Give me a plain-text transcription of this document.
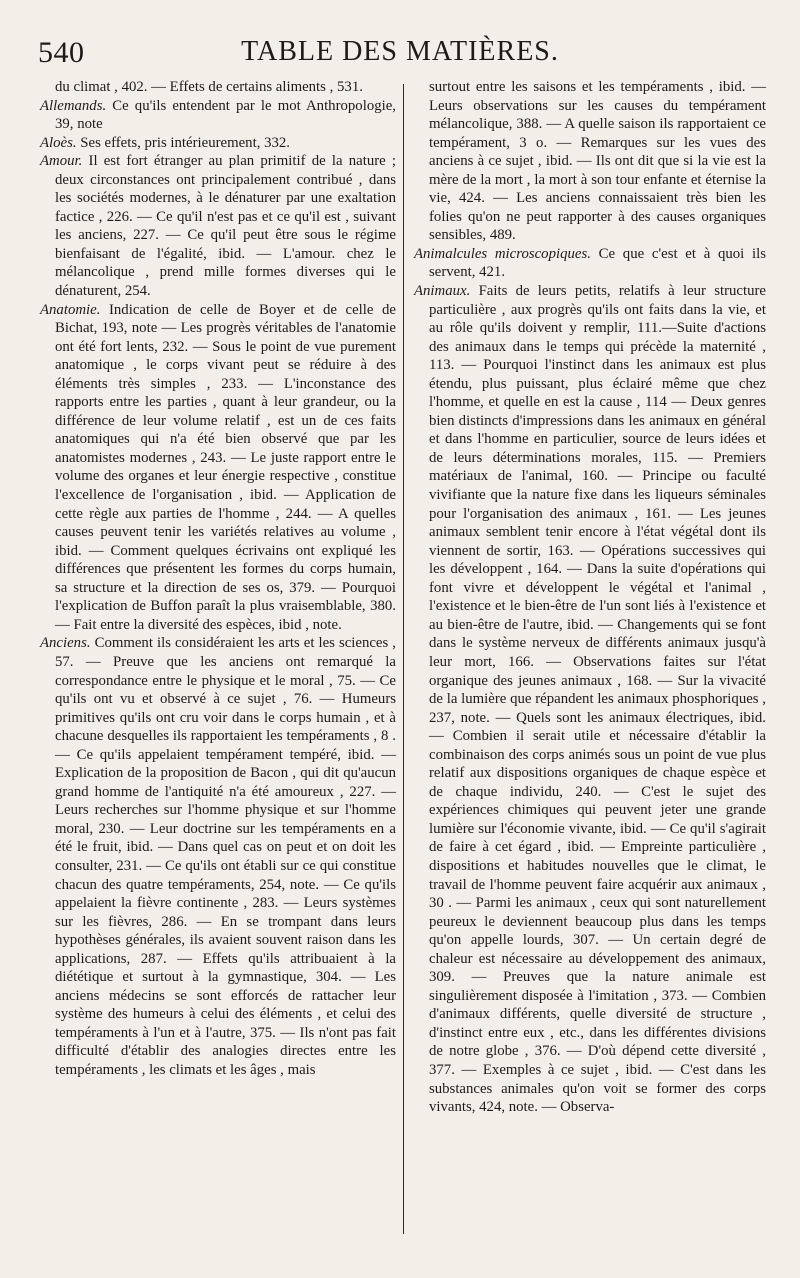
540	TABLE DES MATIÈRES.

du climat , 402. — Effets de certains aliments , 531.

Allemands. Ce qu'ils entendent par le mot Anthropologie, 39, note

Aloès. Ses effets, pris intérieurement, 332.

Amour. Il est fort étranger au plan primitif de la nature ; deux circonstances ont principalement contribué , dans les sociétés modernes, à le dénaturer par une exaltation factice , 226. — Ce qu'il n'est pas et ce qu'il est , suivant les anciens, 227. — Ce qu'il peut être sous le régime bienfaisant de l'égalité, ibid. — L'amour. chez le mélancolique , prend mille formes diverses qui le dénaturent, 254.

Anatomie. Indication de celle de Boyer et de celle de Bichat, 193, note — Les progrès véritables de l'anatomie ont été fort lents, 232. — Sous le point de vue purement anatomique , le corps vivant peut se réduire à des éléments très simples , 233. — L'inconstance des rapports entre les parties , quant à leur grandeur, ou la différence de leur volume relatif , est un de ces faits anatomiques qui n'a été bien observé que par les anatomistes modernes , 243. — Le juste rapport entre le volume des organes et leur énergie respective , constitue l'excellence de l'organisation , ibid. — Application de cette règle aux parties de l'homme , 244. — A quelles causes peuvent tenir les variétés relatives au volume , ibid. — Comment quelques écrivains ont expliqué les différences que présentent les formes du corps humain, sa structure et la direction de ses os, 379. — Pourquoi l'explication de Buffon paraît la plus vraisemblable, 380. — Fait entre la diversité des espèces, ibid , note.

Anciens. Comment ils considéraient les arts et les sciences , 57. — Preuve que les anciens ont remarqué la correspondance entre le physique et le moral , 75. — Ce qu'ils ont vu et observé à ce sujet , 76. — Humeurs primitives qu'ils ont cru voir dans le corps humain , et à chacune desquelles ils rapportaient les tempéraments , 8 . — Ce qu'ils appelaient tempérament tempéré, ibid. — Explication de la proposition de Bacon , qui dit qu'aucun grand homme de l'antiquité n'a été amoureux , 227. — Leurs recherches sur l'homme physique et sur l'homme moral, 230. — Leur doctrine sur les tempéraments en a été le fruit, ibid. — Dans quel cas on peut et on doit les consulter, 231. — Ce qu'ils ont établi sur ce qui constitue chacun des quatre tempéraments, 254, note. — Ce qu'ils appelaient la fièvre continente , 283. — Leurs systèmes sur les fièvres, 286. — En se trompant dans leurs hypothèses générales, ils avaient souvent raison dans les applications, 287. — Effets qu'ils attribuaient à la diététique et surtout à la gymnastique, 304. — Les anciens médecins se sont efforcés de rattacher leur système des humeurs à celui des éléments , et celui des tempéraments à l'un et à l'autre, 375. — Ils n'ont pas fait difficulté d'établir des analogies directes entre les tempéraments , les climats et les âges , mais

surtout entre les saisons et les tempéraments , ibid. — Leurs observations sur les causes du tempérament mélancolique, 388. — A quelle saison ils rapportaient ce tempérament, 3 o. — Remarques sur les vues des anciens à ce sujet , ibid. — Ils ont dit que si la vie est la mère de la mort , la mort à son tour enfante et éternise la vie, 424. — Les anciens connaissaient très bien les folies qu'on ne peut rapporter à des causes organiques sensibles, 489.

Animalcules microscopiques. Ce que c'est et à quoi ils servent, 421.

Animaux. Faits de leurs petits, relatifs à leur structure particulière , aux progrès qu'ils ont faits dans la vie, et au rôle qu'ils doivent y remplir, 111.—Suite d'actions des animaux dans le temps qui précède la maternité , 113. — Pourquoi l'instinct dans les animaux est plus étendu, plus puissant, plus éclairé même que chez l'homme, et quelle en est la cause , 114 — Deux genres bien distincts d'impressions dans les animaux en général et dans l'homme en particulier, source de leurs idées et de leurs déterminations morales, 115. — Premiers matériaux de l'animal, 160. — Principe ou faculté vivifiante que la nature fixe dans les liqueurs séminales pour l'organisation des animaux , 161. — Les jeunes animaux semblent tenir encore à l'état végétal dont ils viennent de sortir, 163. — Opérations successives qui les développent , 164. — Dans la suite d'opérations qui font vivre et développent le végétal et l'animal , l'existence et le bien-être de l'un sont liés à l'existence et au bien-être de l'autre, ibid. — Changements qui se font dans le système nerveux de différents animaux jusqu'à leur mort, 166. — Observations faites sur l'état organique des jeunes animaux , 168. — Sur la vivacité de la lumière que répandent les animaux phosphoriques , 237, note. — Quels sont les animaux électriques, ibid. — Combien il serait utile et nécessaire d'établir la combinaison des corps animés sous un point de vue plus relatif aux dispositions organiques de chaque espèce et de chaque individu, 240. — C'est le sujet des expériences chimiques qui peuvent jeter une grande lumière sur l'économie vivante, ibid. — Ce qu'il s'agirait de faire à cet égard , ibid. — Empreinte particulière , dispositions et habitudes nouvelles que le climat, le travail de l'homme peuvent faire acquérir aux animaux , 30 . — Parmi les animaux , ceux qui sont naturellement peureux le deviennent beaucoup plus dans les temps qu'on appelle lourds, 307. — Un certain degré de chaleur est nécessaire au développement des animaux, 309. — Preuves que la nature animale est singulièrement disposée à l'imitation , 373. — Combien d'animaux différents, quelle diversité de structure , d'instinct entre eux , etc., dans les différentes divisions de notre globe , 376. — D'où dépend cette diversité , 377. — Exemples à ce sujet , ibid. — C'est dans les substances animales qu'on voit se former des corps vivants, 424, note. — Observa-
